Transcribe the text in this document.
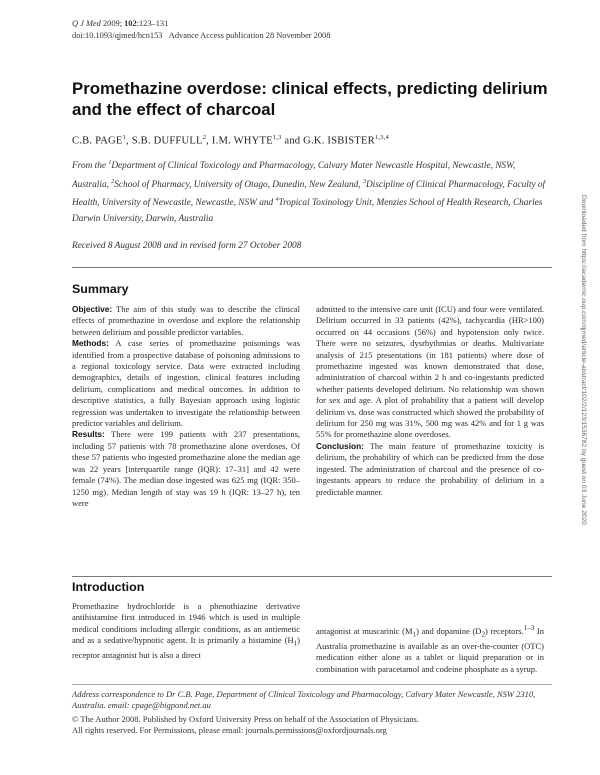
Q J Med 2009; 102:123–131
doi:10.1093/qjmed/hcn153 Advance Access publication 28 November 2008
Promethazine overdose: clinical effects, predicting delirium and the effect of charcoal
C.B. PAGE$^1$, S.B. DUFFULL$^2$, I.M. WHYTE$^{1,3}$ and G.K. ISBISTER$^{1,3,4}$
From the $^1$Department of Clinical Toxicology and Pharmacology, Calvary Mater Newcastle Hospital, Newcastle, NSW, Australia, $^2$School of Pharmacy, University of Otago, Dunedin, New Zealand, $^3$Discipline of Clinical Pharmacology, Faculty of Health, University of Newcastle, Newcastle, NSW and $^4$Tropical Toxinology Unit, Menzies School of Health Research, Charles Darwin University, Darwin, Australia
Received 8 August 2008 and in revised form 27 October 2008
Summary

Objective: The aim of this study was to describe the clinical effects of promethazine in overdose and explore the relationship between delirium and possible predictor variables.

Methods: A case series of promethazine poisonings was identified from a prospective database of poisoning admissions to a regional toxicology service. Data were extracted including demographics, details of ingestion, clinical features including delirium, complications and medical outcomes. In addition to descriptive statistics, a fully Bayesian approach using logistic regression was undertaken to investigate the relationship between predictor variables and delirium.

Results: There were 199 patients with 237 presentations, including 57 patients with 78 promethazine alone overdoses. Of these 57 patients who ingested promethazine alone the median age was 22 years [interquartile range (IQR): 17–31] and 42 were female (74%). The median dose ingested was 625 mg (IQR: 350–1250 mg). Median length of stay was 19 h (IQR: 13–27 h), ten were

admitted to the intensive care unit (ICU) and four were ventilated. Delirium occurred in 33 patients (42%), tachycardia (HR>100) occurred on 44 occasions (56%) and hypotension only twice. There were no seizures, dysrhythmias or deaths. Multivariate analysis of 215 presentations (in 181 patients) where dose of promethazine ingested was known demonstrated that dose, administration of charcoal within 2 h and co-ingestants predicted whether patients developed delirium. No relationship was shown for sex and age. A plot of probability that a patient will develop delirium vs. dose was constructed which showed the probability of delirium for 250 mg was 31%, 500 mg was 42% and for 1 g was 55% for promethazine alone overdoses.

Conclusion: The main feature of promethazine toxicity is delirium, the probability of which can be predicted from the dose ingested. The administration of charcoal and the presence of co-ingestants appears to reduce the probability of delirium in a predictable manner.

Introduction

Promethazine hydrochloride is a phenothiazine derivative antihistamine first introduced in 1946 which is used in multiple medical conditions including allergic conditions, as an antiemetic and as a sedative/hypnotic agent. It is primarily a histamine $(H_1)$ receptor antagonist but is also a direct

antagonist at muscarinic $(M_1)$ and dopamine $(D_2)$ receptors.$^{1-3}$ In Australia promethazine is available as an over-the-counter (OTC) medication either alone as a tablet or liquid preparation or in combination with paracetamol and codeine phosphate as a syrup.

Address correspondence to Dr C.B. Page, Department of Clinical Toxicology and Pharmacology, Calvary Mater Newcastle, NSW 2310, Australia. email: cpage@bigpond.net.au
© The Author 2008. Published by Oxford University Press on behalf of the Association of Physicians.
All rights reserved. For Permissions, please email: journals.permissions@oxfordjournals.org
Downloaded from https://academic.oup.com/qjmed/article-abstract/102/2/123/1536782 by guest on 03 June 2020
